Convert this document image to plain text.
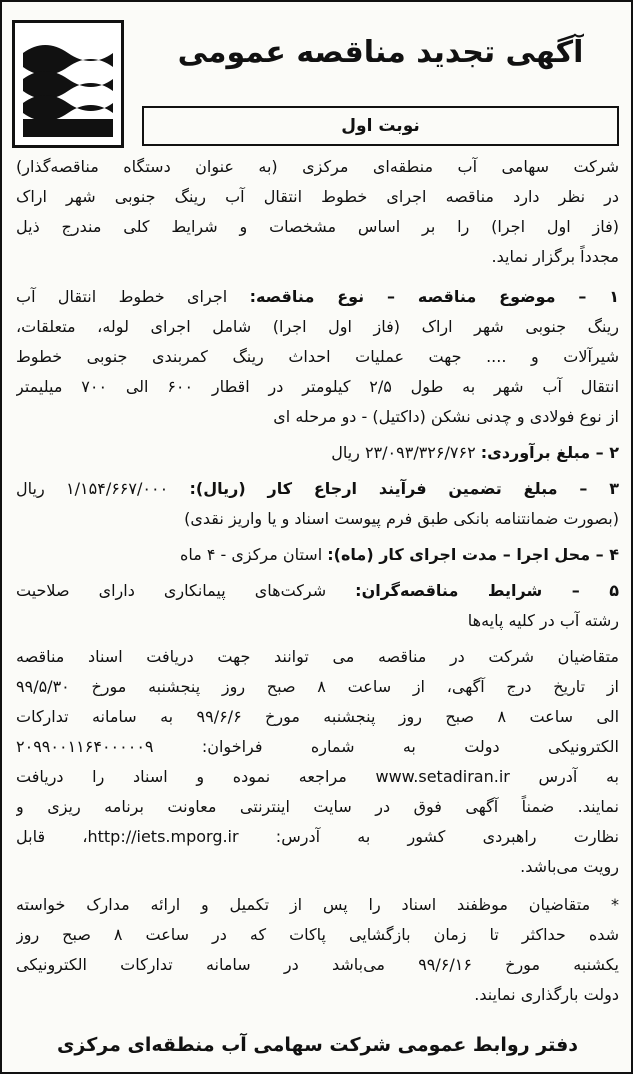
آگهی تجدید مناقصه عمومی
نوبت اول

شرکت سهامی آب منطقه‌ای مرکزی (به عنوان دستگاه مناقصه‌گذار)

در نظر دارد مناقصه اجرای خطوط انتقال آب رینگ جنوبی شهر اراک

(فاز اول اجرا) را بر اساس مشخصات و شرایط کلی مندرج ذیل

مجدداً برگزار نماید.

۱ – موضوع مناقصه – نوع مناقصه: اجرای خطوط انتقال آب

رینگ جنوبی شهر اراک (فاز اول اجرا) شامل اجرای لوله، متعلقات،

شیرآلات و .... جهت عملیات احداث رینگ کمربندی جنوبی خطوط

انتقال آب شهر به طول ۲/۵ کیلومتر در اقطار ۶۰۰ الی ۷۰۰ میلیمتر

از نوع فولادی و چدنی نشکن (داکتیل) - دو مرحله ای

۲ – مبلغ برآوردی: ۲۳/۰۹۳/۳۲۶/۷۶۲ ریال

۳ – مبلغ تضمین فرآیند ارجاع کار (ریال): ۱/۱۵۴/۶۶۷/۰۰۰ ریال

(بصورت ضمانتنامه بانکی طبق فرم پیوست اسناد و یا واریز نقدی)

۴ – محل اجرا – مدت اجرای کار (ماه): استان مرکزی - ۴ ماه

۵ – شرایط مناقصه‌گران: شرکت‌های پیمانکاری دارای صلاحیت

رشته آب در کلیه پایه‌ها

متقاضیان شرکت در مناقصه می توانند جهت دریافت اسناد مناقصه

از تاریخ درج آگهی، از ساعت ۸ صبح روز پنجشنبه مورخ ۹۹/۵/۳۰

الی ساعت ۸ صبح روز پنجشنبه مورخ ۹۹/۶/۶ به سامانه تدارکات

الکترونیکی دولت به شماره فراخوان: ۲۰۹۹۰۰۱۱۶۴۰۰۰۰۰۹

به آدرس www.setadiran.ir مراجعه نموده و اسناد را دریافت

نمایند. ضمناً آگهی فوق در سایت اینترنتی معاونت برنامه ریزی و

نظارت راهبردی کشور به آدرس: http://iets.mporg.ir، قابل

رویت می‌باشد.

* متقاضیان موظفند اسناد را پس از تکمیل و ارائه مدارک خواسته

شده حداکثر تا زمان بازگشایی پاکات که در ساعت ۸ صبح روز

یکشنبه مورخ ۹۹/۶/۱۶ می‌باشد در سامانه تدارکات الکترونیکی

دولت بارگذاری نمایند.

دفتر روابط عمومی شرکت سهامی آب منطقه‌ای مرکزی
